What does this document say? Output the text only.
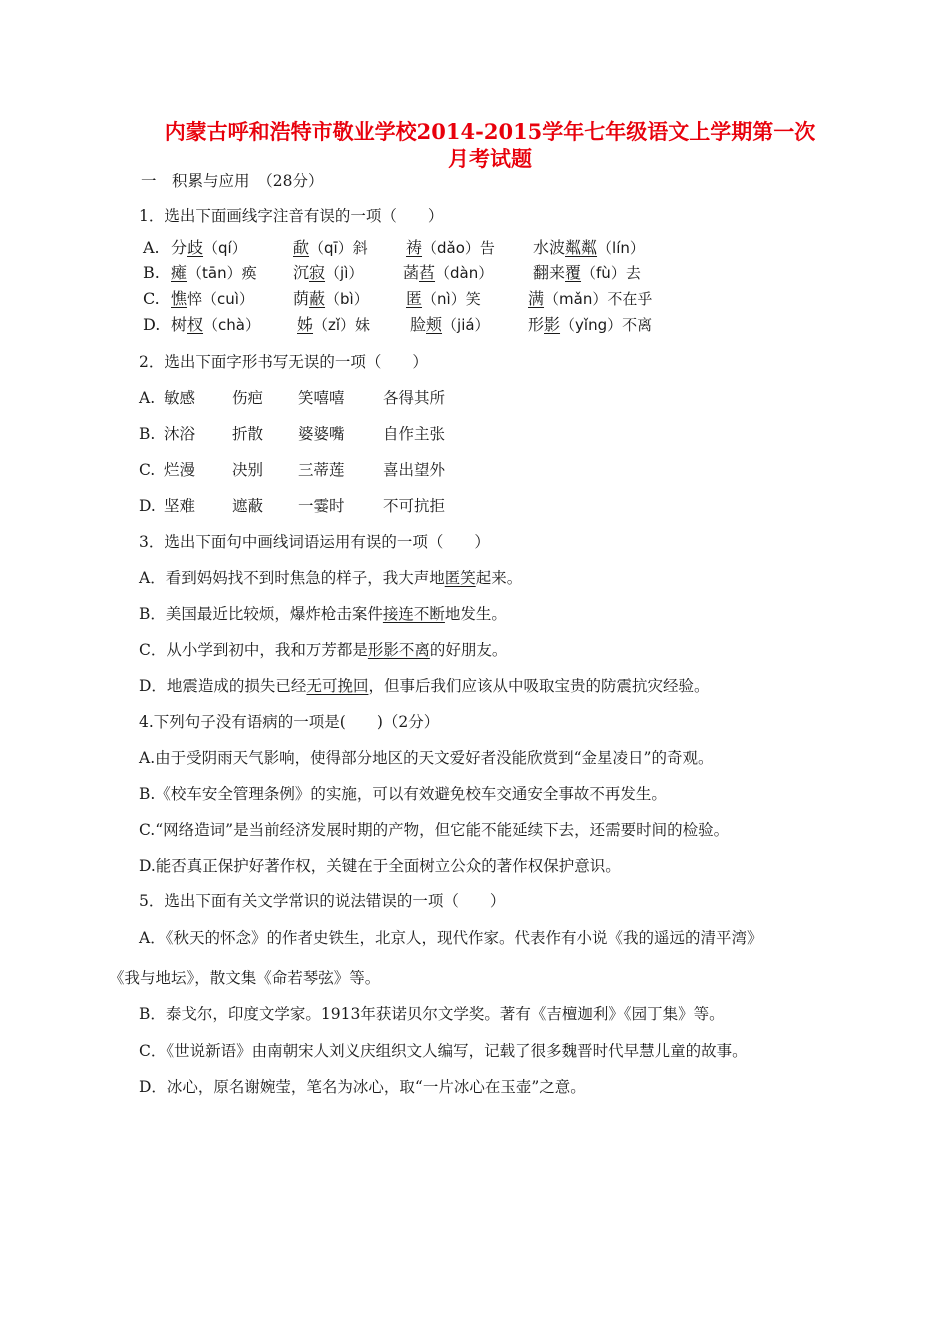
内蒙古呼和浩特市敬业学校2014-2015学年七年级语文上学期第一次
月考试题
一　积累与应用　（28分）
1．选出下面画线字注音有误的一项（　　）
A. 分歧（qí）	歃（qī）斜 祷（dǎo）告 水波粼粼（lín）
B. 瘫（tān）痪 沉寂（jì） 菡萏（dàn） 翻来覆（fù）去
C. 憔悴（cuì） 荫蔽（bì） 匿（nì）笑	满（mǎn）不在乎
D. 树杈（chà） 姊（zǐ）妹 脸颊（jiá） 形影（yǐng）不离
2．选出下面字形书写无误的一项（　　）
A. 敏感 伤疤 笑嘻嘻 各得其所
B. 沐浴 折散 婆婆嘴 自作主张
C. 烂漫 决别 三蒂莲 喜出望外
D. 坚难 遮蔽 一霎时 不可抗拒
3．选出下面句中画线词语运用有误的一项（　　）
A．看到妈妈找不到时焦急的样子，我大声地匿笑起来。
B．美国最近比较烦，爆炸枪击案件接连不断地发生。
C．从小学到初中，我和万芳都是形影不离的好朋友。
D．地震造成的损失已经无可挽回，但事后我们应该从中吸取宝贵的防震抗灾经验。
4.下列句子没有语病的一项是(　　)（2分）
A.由于受阴雨天气影响，使得部分地区的天文爱好者没能欣赏到“金星凌日”的奇观。
B.《校车安全管理条例》的实施，可以有效避免校车交通安全事故不再发生。
C.“网络造词”是当前经济发展时期的产物，但它能不能延续下去，还需要时间的检验。
D.能否真正保护好著作权，关键在于全面树立公众的著作权保护意识。
5．选出下面有关文学常识的说法错误的一项（　　）
A．《秋天的怀念》的作者史铁生，北京人，现代作家。代表作有小说《我的遥远的清平湾》
《我与地坛》，散文集《命若琴弦》等。
B．泰戈尔，印度文学家。1913年获诺贝尔文学奖。著有《吉檀迦利》《园丁集》等。
C．《世说新语》由南朝宋人刘义庆组织文人编写，记载了很多魏晋时代早慧儿童的故事。
D．冰心，原名谢婉莹，笔名为冰心，取“一片冰心在玉壶”之意。
